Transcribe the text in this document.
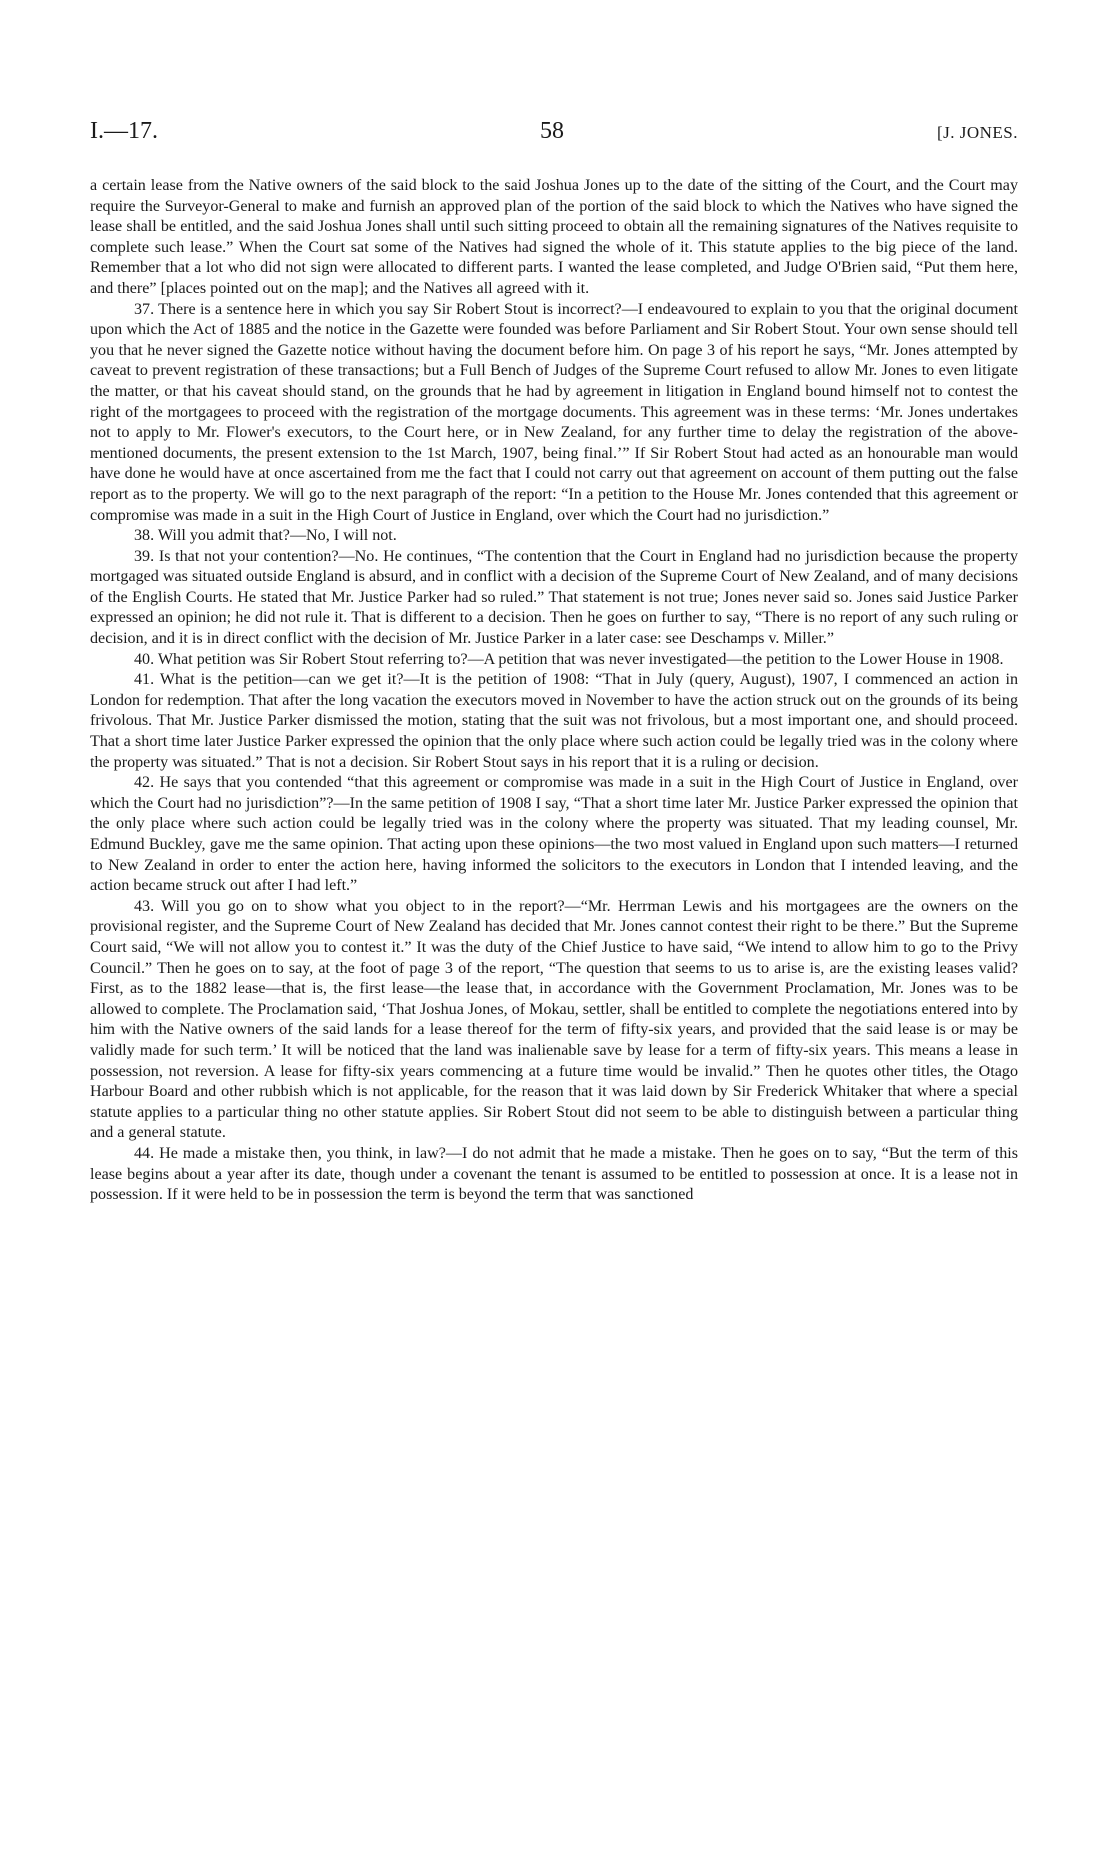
I.—17.	58	[J. JONES.

a certain lease from the Native owners of the said block to the said Joshua Jones up to the date of the sitting of the Court, and the Court may require the Surveyor-General to make and furnish an approved plan of the portion of the said block to which the Natives who have signed the lease shall be entitled, and the said Joshua Jones shall until such sitting proceed to obtain all the remaining signatures of the Natives requisite to complete such lease.” When the Court sat some of the Natives had signed the whole of it. This statute applies to the big piece of the land. Remember that a lot who did not sign were allocated to different parts. I wanted the lease completed, and Judge O'Brien said, “Put them here, and there” [places pointed out on the map]; and the Natives all agreed with it.

37. There is a sentence here in which you say Sir Robert Stout is incorrect?—I endeavoured to explain to you that the original document upon which the Act of 1885 and the notice in the Gazette were founded was before Parliament and Sir Robert Stout. Your own sense should tell you that he never signed the Gazette notice without having the document before him. On page 3 of his report he says, “Mr. Jones attempted by caveat to prevent registration of these transactions; but a Full Bench of Judges of the Supreme Court refused to allow Mr. Jones to even litigate the matter, or that his caveat should stand, on the grounds that he had by agreement in litigation in England bound himself not to contest the right of the mortgagees to proceed with the registration of the mortgage documents. This agreement was in these terms: ‘Mr. Jones undertakes not to apply to Mr. Flower's executors, to the Court here, or in New Zealand, for any further time to delay the registration of the above-mentioned documents, the present extension to the 1st March, 1907, being final.’” If Sir Robert Stout had acted as an honourable man would have done he would have at once ascertained from me the fact that I could not carry out that agreement on account of them putting out the false report as to the property. We will go to the next paragraph of the report: “In a petition to the House Mr. Jones contended that this agreement or compromise was made in a suit in the High Court of Justice in England, over which the Court had no jurisdiction.”

38. Will you admit that?—No, I will not.

39. Is that not your contention?—No. He continues, “The contention that the Court in England had no jurisdiction because the property mortgaged was situated outside England is absurd, and in conflict with a decision of the Supreme Court of New Zealand, and of many decisions of the English Courts. He stated that Mr. Justice Parker had so ruled.” That statement is not true; Jones never said so. Jones said Justice Parker expressed an opinion; he did not rule it. That is different to a decision. Then he goes on further to say, “There is no report of any such ruling or decision, and it is in direct conflict with the decision of Mr. Justice Parker in a later case: see Deschamps v. Miller.”

40. What petition was Sir Robert Stout referring to?—A petition that was never investigated—the petition to the Lower House in 1908.

41. What is the petition—can we get it?—It is the petition of 1908: “That in July (query, August), 1907, I commenced an action in London for redemption. That after the long vacation the executors moved in November to have the action struck out on the grounds of its being frivolous. That Mr. Justice Parker dismissed the motion, stating that the suit was not frivolous, but a most important one, and should proceed. That a short time later Justice Parker expressed the opinion that the only place where such action could be legally tried was in the colony where the property was situated.” That is not a decision. Sir Robert Stout says in his report that it is a ruling or decision.

42. He says that you contended “that this agreement or compromise was made in a suit in the High Court of Justice in England, over which the Court had no jurisdiction”?—In the same petition of 1908 I say, “That a short time later Mr. Justice Parker expressed the opinion that the only place where such action could be legally tried was in the colony where the property was situated. That my leading counsel, Mr. Edmund Buckley, gave me the same opinion. That acting upon these opinions—the two most valued in England upon such matters—I returned to New Zealand in order to enter the action here, having informed the solicitors to the executors in London that I intended leaving, and the action became struck out after I had left.”

43. Will you go on to show what you object to in the report?—“Mr. Herrman Lewis and his mortgagees are the owners on the provisional register, and the Supreme Court of New Zealand has decided that Mr. Jones cannot contest their right to be there.” But the Supreme Court said, “We will not allow you to contest it.” It was the duty of the Chief Justice to have said, “We intend to allow him to go to the Privy Council.” Then he goes on to say, at the foot of page 3 of the report, “The question that seems to us to arise is, are the existing leases valid? First, as to the 1882 lease—that is, the first lease—the lease that, in accordance with the Government Proclamation, Mr. Jones was to be allowed to complete. The Proclamation said, ‘That Joshua Jones, of Mokau, settler, shall be entitled to complete the negotiations entered into by him with the Native owners of the said lands for a lease thereof for the term of fifty-six years, and provided that the said lease is or may be validly made for such term.’ It will be noticed that the land was inalienable save by lease for a term of fifty-six years. This means a lease in possession, not reversion. A lease for fifty-six years commencing at a future time would be invalid.” Then he quotes other titles, the Otago Harbour Board and other rubbish which is not applicable, for the reason that it was laid down by Sir Frederick Whitaker that where a special statute applies to a particular thing no other statute applies. Sir Robert Stout did not seem to be able to distinguish between a particular thing and a general statute.

44. He made a mistake then, you think, in law?—I do not admit that he made a mistake. Then he goes on to say, “But the term of this lease begins about a year after its date, though under a covenant the tenant is assumed to be entitled to possession at once. It is a lease not in possession. If it were held to be in possession the term is beyond the term that was sanctioned
